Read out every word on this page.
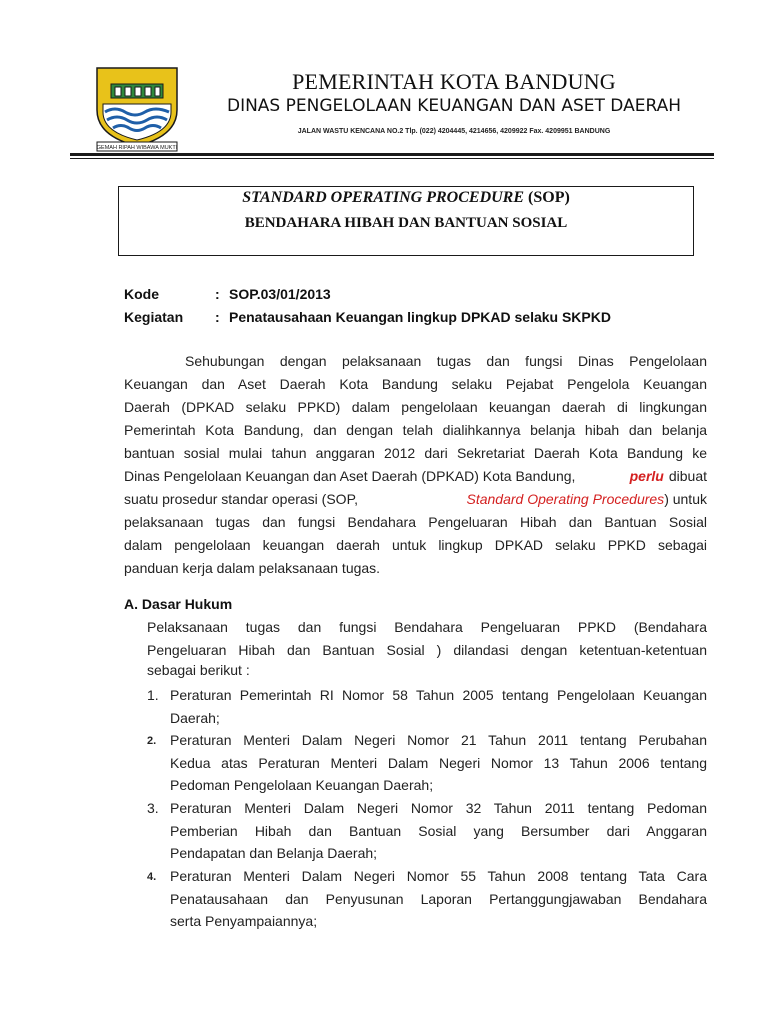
GEMAH RIPAH WIBAWA MUKTI
PEMERINTAH KOTA BANDUNG
DINAS PENGELOLAAN KEUANGAN DAN ASET DAERAH
JALAN WASTU KENCANA NO.2 Tlp. (022) 4204445, 4214656, 4209922 Fax. 4209951 BANDUNG
STANDARD OPERATING PROCEDURE (SOP)
BENDAHARA HIBAH DAN BANTUAN SOSIAL
Kode	: SOP.03/01/2013
Kegiatan : Penatausahaan Keuangan lingkup DPKAD selaku SKPKD
Sehubungan dengan pelaksanaan tugas dan fungsi Dinas Pengelolaan
Keuangan dan Aset Daerah Kota Bandung selaku Pejabat Pengelola Keuangan
Daerah (DPKAD selaku PPKD) dalam pengelolaan keuangan daerah di lingkungan
Pemerintah Kota Bandung, dan dengan telah dialihkannya belanja hibah dan belanja
bantuan sosial mulai tahun anggaran 2012 dari Sekretariat Daerah Kota Bandung ke
Dinas Pengelolaan Keuangan dan Aset Daerah (DPKAD) Kota Bandung,	perlu dibuat
suatu prosedur standar operasi (SOP,	Standard Operating Procedures) untuk
pelaksanaan tugas dan fungsi Bendahara Pengeluaran Hibah dan Bantuan Sosial
dalam pengelolaan keuangan daerah untuk lingkup DPKAD selaku PPKD sebagai
panduan kerja dalam pelaksanaan tugas.
A. Dasar Hukum
Pelaksanaan tugas dan fungsi Bendahara Pengeluaran PPKD (Bendahara
Pengeluaran Hibah dan Bantuan Sosial ) dilandasi dengan ketentuan-ketentuan
sebagai berikut :
1. Peraturan Pemerintah RI Nomor 58 Tahun 2005 tentang Pengelolaan Keuangan
Daerah;
2. Peraturan Menteri Dalam Negeri Nomor 21 Tahun 2011 tentang Perubahan
Kedua atas Peraturan Menteri Dalam Negeri Nomor 13 Tahun 2006 tentang
Pedoman Pengelolaan Keuangan Daerah;
3. Peraturan Menteri Dalam Negeri Nomor 32 Tahun 2011 tentang Pedoman
Pemberian Hibah dan Bantuan Sosial yang Bersumber dari Anggaran
Pendapatan dan Belanja Daerah;
4. Peraturan Menteri Dalam Negeri Nomor 55 Tahun 2008 tentang Tata Cara
Penatausahaan dan Penyusunan Laporan Pertanggungjawaban Bendahara
serta Penyampaiannya;
